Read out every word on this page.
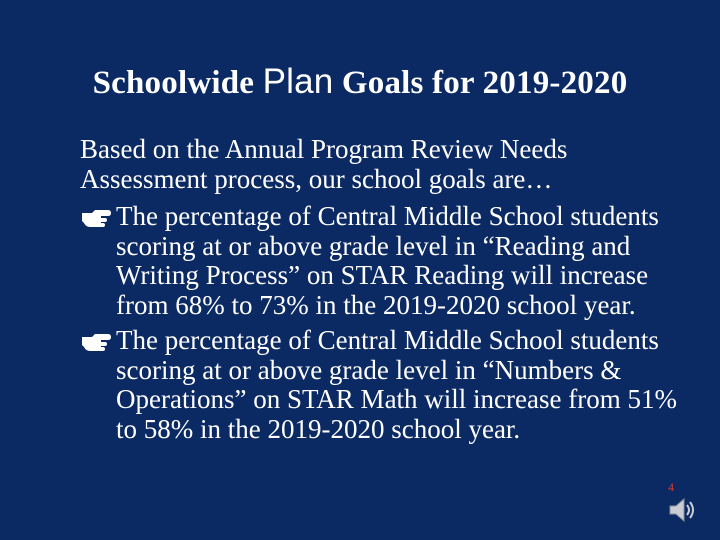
Schoolwide Plan Goals for 2019-2020
Based on the Annual Program Review Needs Assessment process, our school goals are…
The percentage of Central Middle School students scoring at or above grade level in “Reading and Writing Process” on STAR Reading will increase from 68% to 73% in the 2019-2020 school year.
The percentage of Central Middle School students scoring at or above grade level in “Numbers & Operations” on STAR Math will increase from 51% to 58% in the 2019-2020 school year.
4
